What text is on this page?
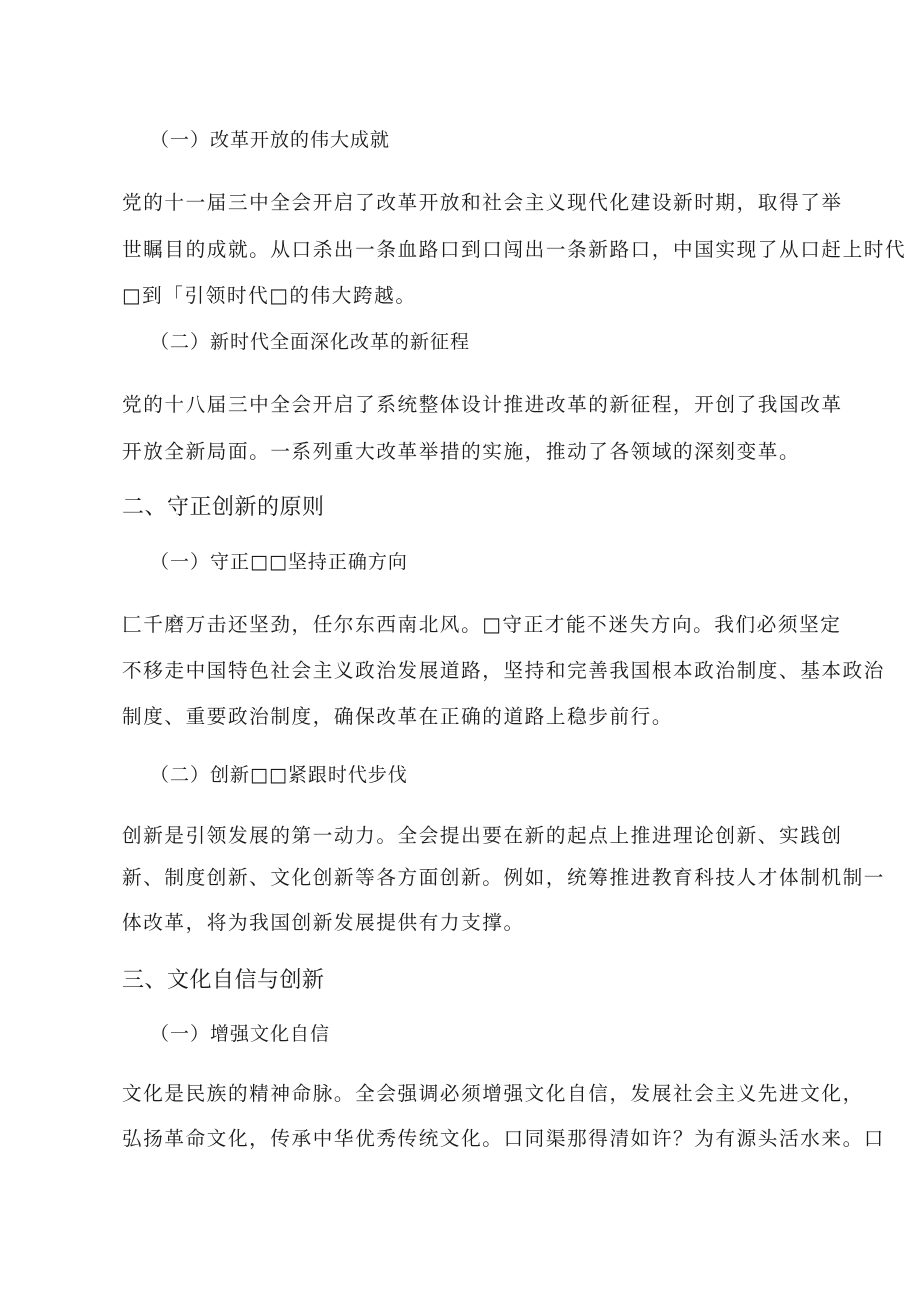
（一）改革开放的伟大成就
党的十一届三中全会开启了改革开放和社会主义现代化建设新时期，取得了举
世瞩目的成就。从口杀出一条血路口到口闯出一条新路口，中国实现了从口赶上时代
□到「引领时代□的伟大跨越。
（二）新时代全面深化改革的新征程
党的十八届三中全会开启了系统整体设计推进改革的新征程，开创了我国改革
开放全新局面。一系列重大改革举措的实施，推动了各领域的深刻变革。
二、守正创新的原则
（一）守正□□坚持正确方向
匚千磨万击还坚劲，任尔东西南北风。□守正才能不迷失方向。我们必须坚定
不移走中国特色社会主义政治发展道路，坚持和完善我国根本政治制度、基本政治
制度、重要政治制度，确保改革在正确的道路上稳步前行。
（二）创新□□紧跟时代步伐
创新是引领发展的第一动力。全会提出要在新的起点上推进理论创新、实践创
新、制度创新、文化创新等各方面创新。例如，统筹推进教育科技人才体制机制一
体改革，将为我国创新发展提供有力支撑。
三、文化自信与创新
（一）增强文化自信
文化是民族的精神命脉。全会强调必须增强文化自信，发展社会主义先进文化，
弘扬革命文化，传承中华优秀传统文化。口同渠那得清如许？为有源头活水来。口
